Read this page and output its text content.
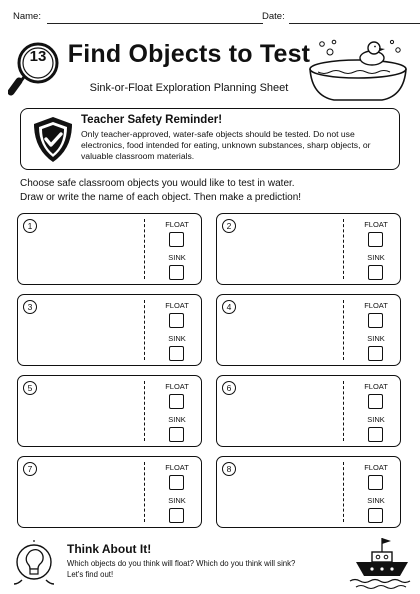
Name:	Date:
13 Find Objects to Test
Sink-or-Float Exploration Planning Sheet
Teacher Safety Reminder!
Only teacher-approved, water-safe objects should be tested. Do not use electronics, food intended for eating, unknown substances, sharp objects, or valuable classroom materials.
Choose safe classroom objects you would like to test in water.
Draw or write the name of each object. Then make a prediction!
1	FLOAT
SINK
2	FLOAT
SINK
3	FLOAT
SINK
4	FLOAT
SINK
5	FLOAT
SINK
6	FLOAT
SINK
7	FLOAT
SINK
8	FLOAT
SINK
Think About It!
Which objects do you think will float? Which do you think will sink?
Let's find out!
